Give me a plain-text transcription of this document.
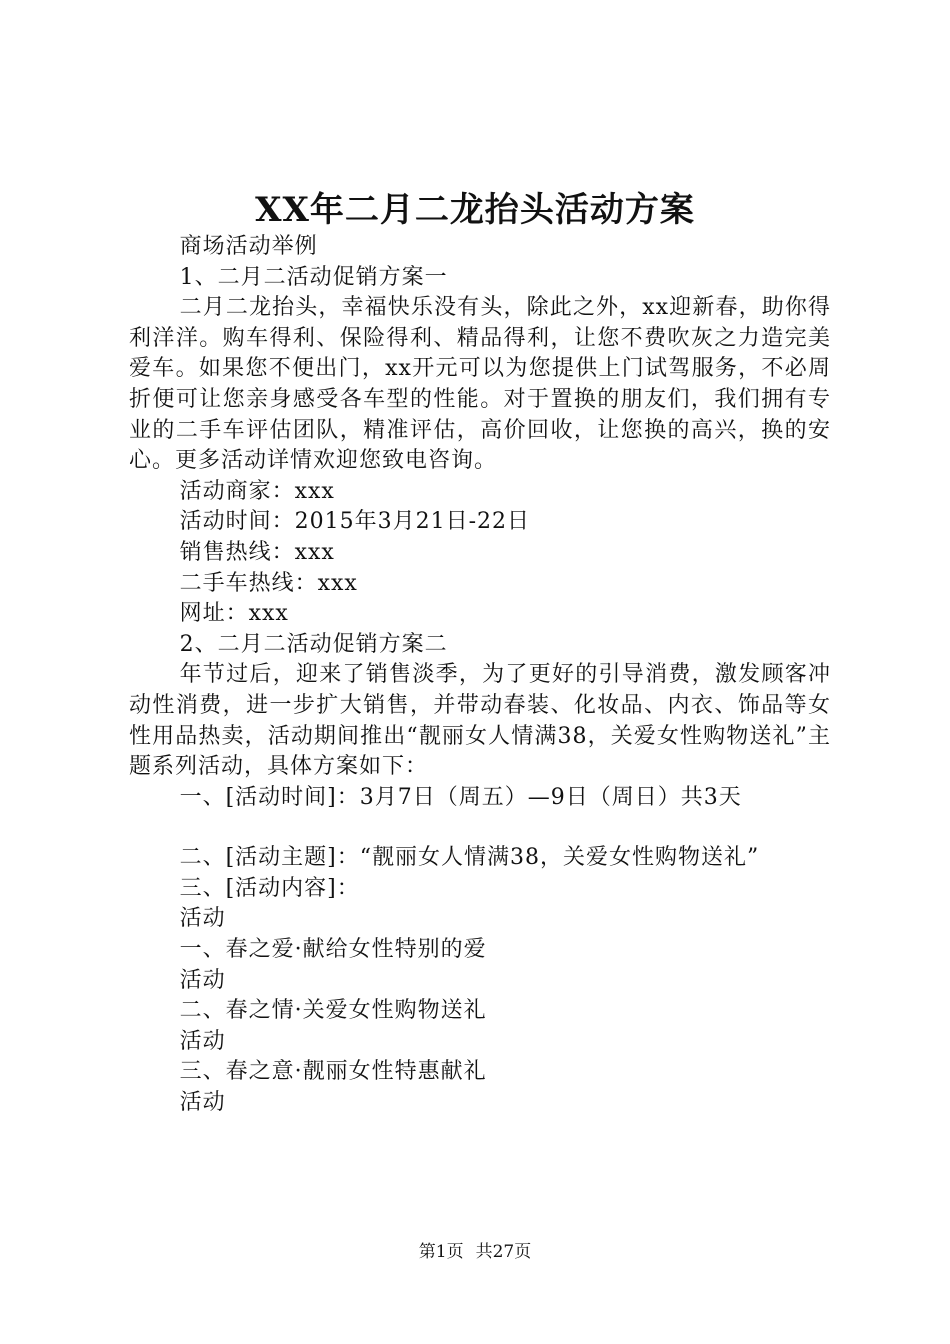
XX年二月二龙抬头活动方案

商场活动举例

1、二月二活动促销方案一

二月二龙抬头，幸福快乐没有头，除此之外，xx迎新春，助你得利洋洋。购车得利、保险得利、精品得利，让您不费吹灰之力造完美爱车。如果您不便出门，xx开元可以为您提供上门试驾服务，不必周折便可让您亲身感受各车型的性能。对于置换的朋友们，我们拥有专业的二手车评估团队，精准评估，高价回收，让您换的高兴，换的安心。更多活动详情欢迎您致电咨询。

活动商家：xxx

活动时间：2015年3月21日-22日

销售热线：xxx

二手车热线：xxx

网址：xxx

2、二月二活动促销方案二

年节过后，迎来了销售淡季，为了更好的引导消费，激发顾客冲动性消费，进一步扩大销售，并带动春装、化妆品、内衣、饰品等女性用品热卖，活动期间推出“靓丽女人情满38，关爱女性购物送礼”主题系列活动，具体方案如下：

一、[活动时间]：3月7日（周五）—9日（周日）共3天

二、[活动主题]：“靓丽女人情满38，关爱女性购物送礼”

三、[活动内容]：

活动

一、春之爱·献给女性特别的爱

活动

二、春之情·关爱女性购物送礼

活动

三、春之意·靓丽女性特惠献礼

活动

第1页 共27页
